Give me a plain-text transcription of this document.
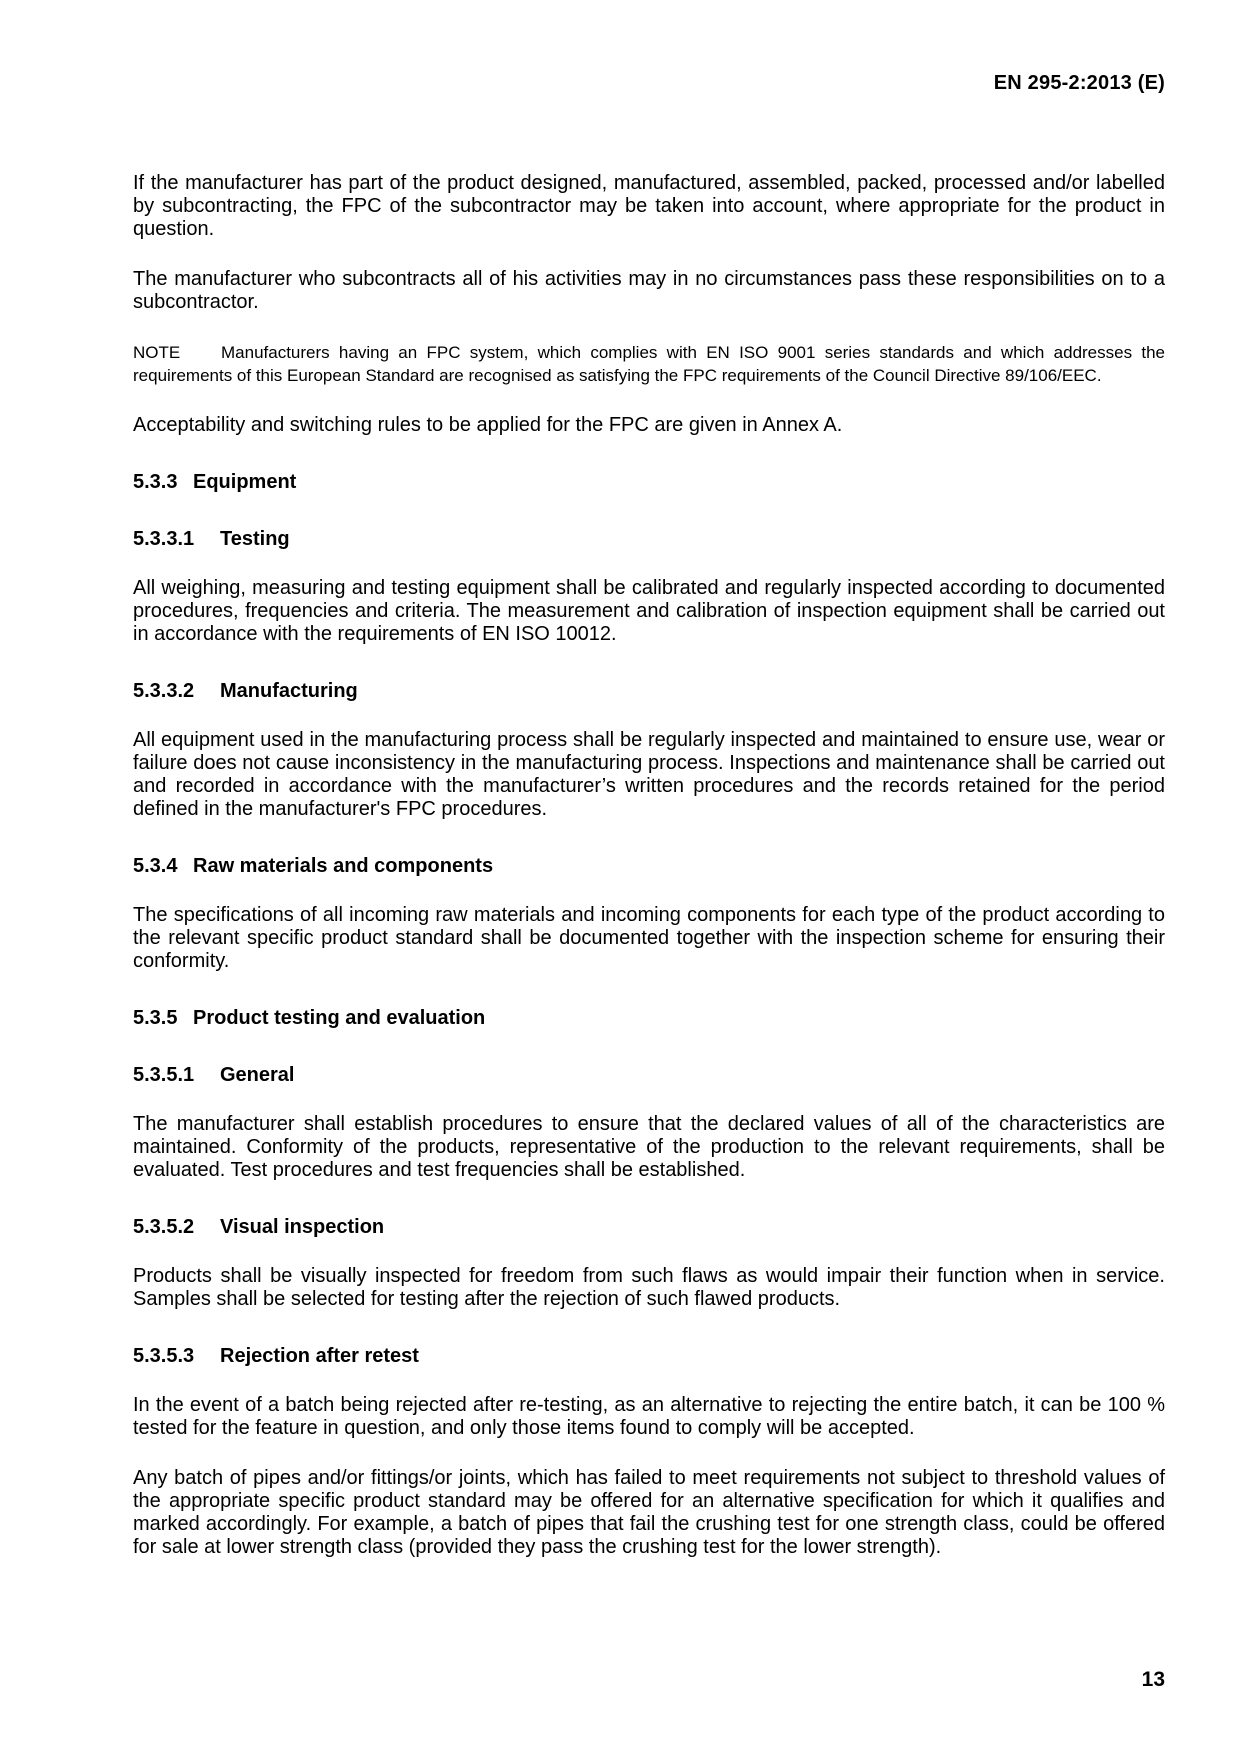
EN 295-2:2013 (E)

If the manufacturer has part of the product designed, manufactured, assembled, packed, processed and/or labelled by subcontracting, the FPC of the subcontractor may be taken into account, where appropriate for the product in question.

The manufacturer who subcontracts all of his activities may in no circumstances pass these responsibilities on to a subcontractor.

NOTE Manufacturers having an FPC system, which complies with EN ISO 9001 series standards and which addresses the requirements of this European Standard are recognised as satisfying the FPC requirements of the Council Directive 89/106/EEC.

Acceptability and switching rules to be applied for the FPC are given in Annex A.

5.3.3 Equipment
5.3.3.1 Testing

All weighing, measuring and testing equipment shall be calibrated and regularly inspected according to documented procedures, frequencies and criteria. The measurement and calibration of inspection equipment shall be carried out in accordance with the requirements of EN ISO 10012.

5.3.3.2 Manufacturing

All equipment used in the manufacturing process shall be regularly inspected and maintained to ensure use, wear or failure does not cause inconsistency in the manufacturing process. Inspections and maintenance shall be carried out and recorded in accordance with the manufacturer’s written procedures and the records retained for the period defined in the manufacturer's FPC procedures.

5.3.4 Raw materials and components

The specifications of all incoming raw materials and incoming components for each type of the product according to the relevant specific product standard shall be documented together with the inspection scheme for ensuring their conformity.

5.3.5 Product testing and evaluation
5.3.5.1 General

The manufacturer shall establish procedures to ensure that the declared values of all of the characteristics are maintained. Conformity of the products, representative of the production to the relevant requirements, shall be evaluated. Test procedures and test frequencies shall be established.

5.3.5.2 Visual inspection

Products shall be visually inspected for freedom from such flaws as would impair their function when in service. Samples shall be selected for testing after the rejection of such flawed products.

5.3.5.3 Rejection after retest

In the event of a batch being rejected after re-testing, as an alternative to rejecting the entire batch, it can be 100 % tested for the feature in question, and only those items found to comply will be accepted.

Any batch of pipes and/or fittings/or joints, which has failed to meet requirements not subject to threshold values of the appropriate specific product standard may be offered for an alternative specification for which it qualifies and marked accordingly. For example, a batch of pipes that fail the crushing test for one strength class, could be offered for sale at lower strength class (provided they pass the crushing test for the lower strength).

13
